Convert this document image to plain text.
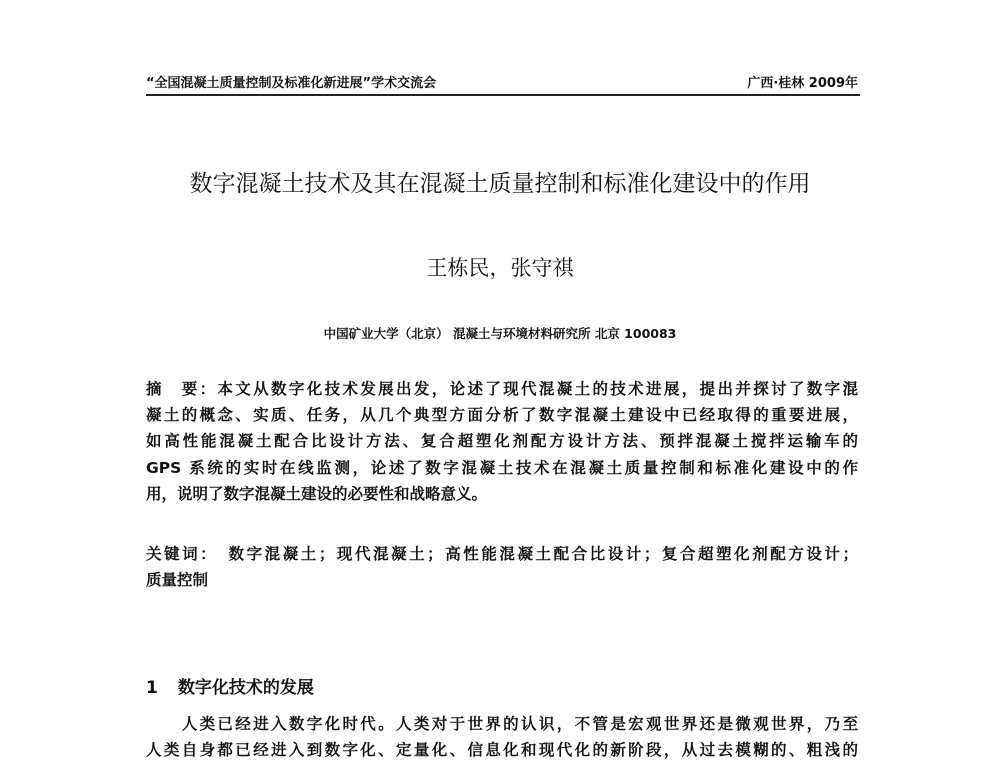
“全国混凝土质量控制及标准化新进展”学术交流会	广西·桂林 2009年
数字混凝土技术及其在混凝土质量控制和标准化建设中的作用
王栋民，张守祺
中国矿业大学（北京） 混凝土与环境材料研究所 北京 100083
摘　要：本文从数字化技术发展出发，论述了现代混凝土的技术进展，提出并探讨了数字混
凝土的概念、实质、任务，从几个典型方面分析了数字混凝土建设中已经取得的重要进展，
如高性能混凝土配合比设计方法、复合超塑化剂配方设计方法、预拌混凝土搅拌运输车的
GPS 系统的实时在线监测，论述了数字混凝土技术在混凝土质量控制和标准化建设中的作
用，说明了数字混凝土建设的必要性和战略意义。
关键词：　数字混凝土；现代混凝土；高性能混凝土配合比设计；复合超塑化剂配方设计；
质量控制
1 数字化技术的发展
　　人类已经进入数字化时代。人类对于世界的认识，不管是宏观世界还是微观世界，乃至
人类自身都已经进入到数字化、定量化、信息化和现代化的新阶段，从过去模糊的、粗浅的
